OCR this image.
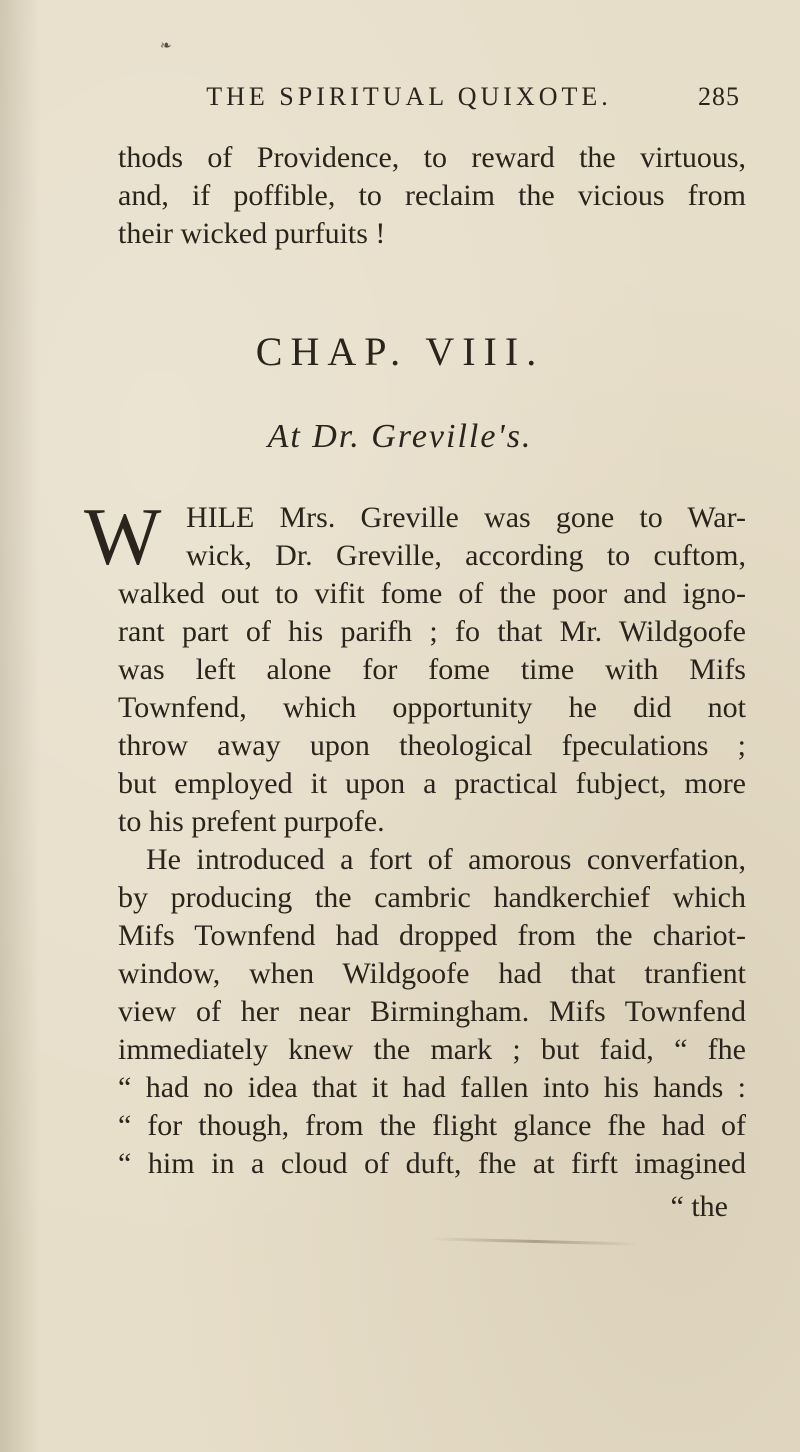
❧
THE SPIRITUAL QUIXOTE.	285
thods of Providence, to reward the virtuous,
and, if poffible, to reclaim the vicious from
their wicked purfuits !
CHAP. VIII.
At Dr. Greville's.
W HILE Mrs. Greville was gone to War-
wick, Dr. Greville, according to cuftom,
walked out to vifit fome of the poor and igno-
rant part of his parifh ; fo that Mr. Wildgoofe
was left alone for fome time with Mifs
Townfend, which opportunity he did not
throw away upon theological fpeculations ;
but employed it upon a practical fubject, more
to his prefent purpofe.
He introduced a fort of amorous converfation,
by producing the cambric handkerchief which
Mifs Townfend had dropped from the chariot-
window, when Wildgoofe had that tranfient
view of her near Birmingham. Mifs Townfend
immediately knew the mark ; but faid, “ fhe
“ had no idea that it had fallen into his hands :
“ for though, from the flight glance fhe had of
“ him in a cloud of duft, fhe at firft imagined
“ the
